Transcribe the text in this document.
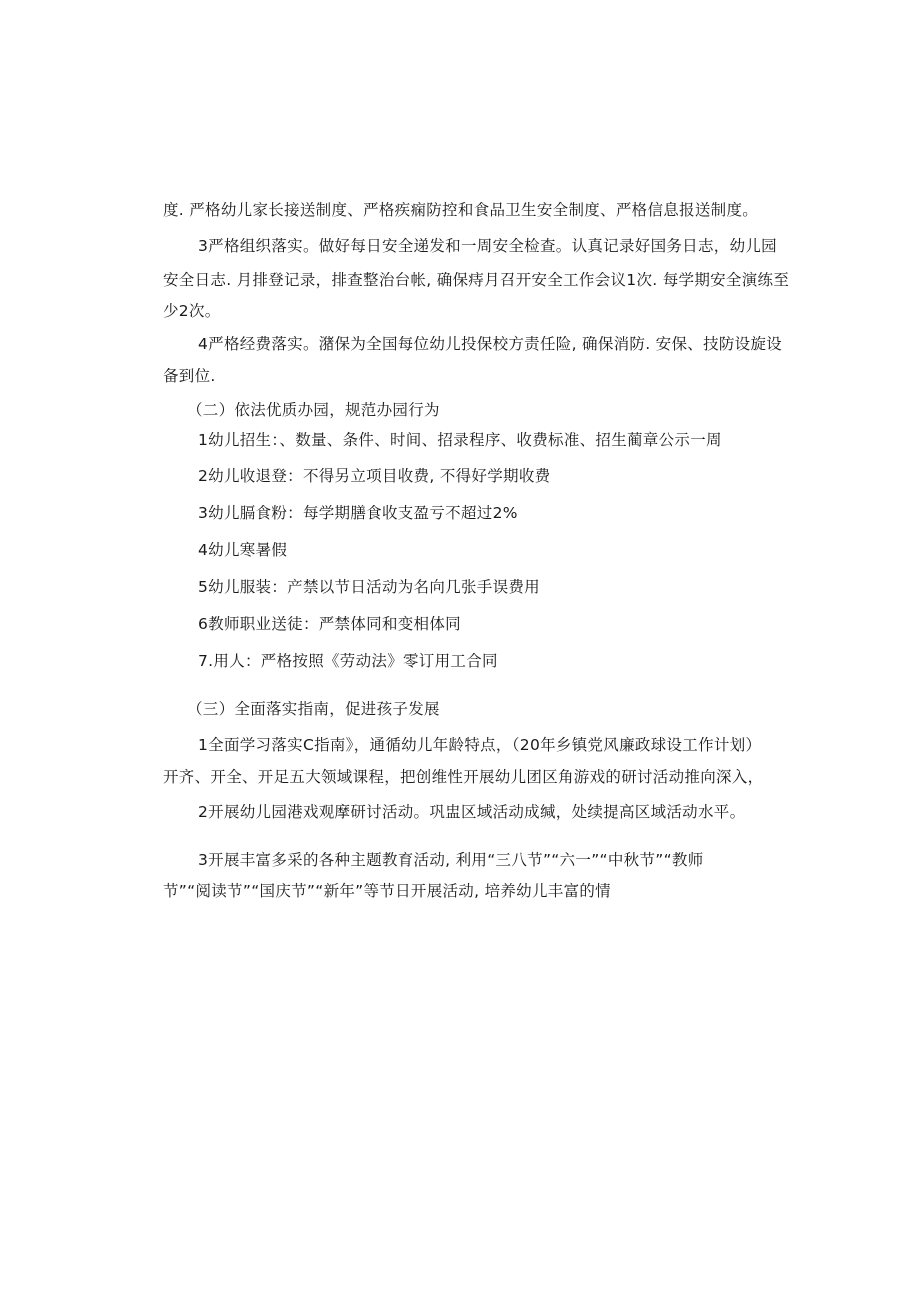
度. 严格幼儿家长接送制度、严格疾痫防控和食品卫生安全制度、严格信息报送制度。
3严格组织落实。做好每日安全递发和一周安全检查。认真记录好国务日志，幼儿园
安全日志. 月排登记录，排查整治台帐, 确保痔月召开安全工作会议1次. 每学期安全演练至
少2次。
4严格经费落实。潴保为全国每位幼儿投保校方责任险, 确保消防. 安保、技防设旋设
备到位.
（二）依法优质办园，规范办园行为
1幼儿招生：、数量、条件、时间、招录程序、收费标准、招生蔺章公示一周
2幼儿收退登：不得另立项目收费, 不得好学期收费
3幼儿膈食粉：每学期膳食收支盈亏不超过2%
4幼儿寒暑假
5幼儿服装：产禁以节日活动为名向几张手误费用
6教师职业送徒：严禁体同和变相体同
7.用人：严格按照《劳动法》零订用工合同
（三）全面落实指南，促进孩子发展
1全面学习落实C指南》，通循幼儿年龄特点，（20年乡镇党风廉政球设工作计划）
开齐、开全、开足五大领域课程，把创维性开展幼儿团区角游戏的研讨活动推向深入，
2开展幼儿园港戏观摩研讨活动。巩盅区域活动成缄，处续提高区域活动水平。
3开展丰富多采的各种主题教育活动, 利用“三八节”“六一”“中秋节”“教师
节”“阅读节”“国庆节”“新年”等节日开展活动, 培养幼儿丰富的情
